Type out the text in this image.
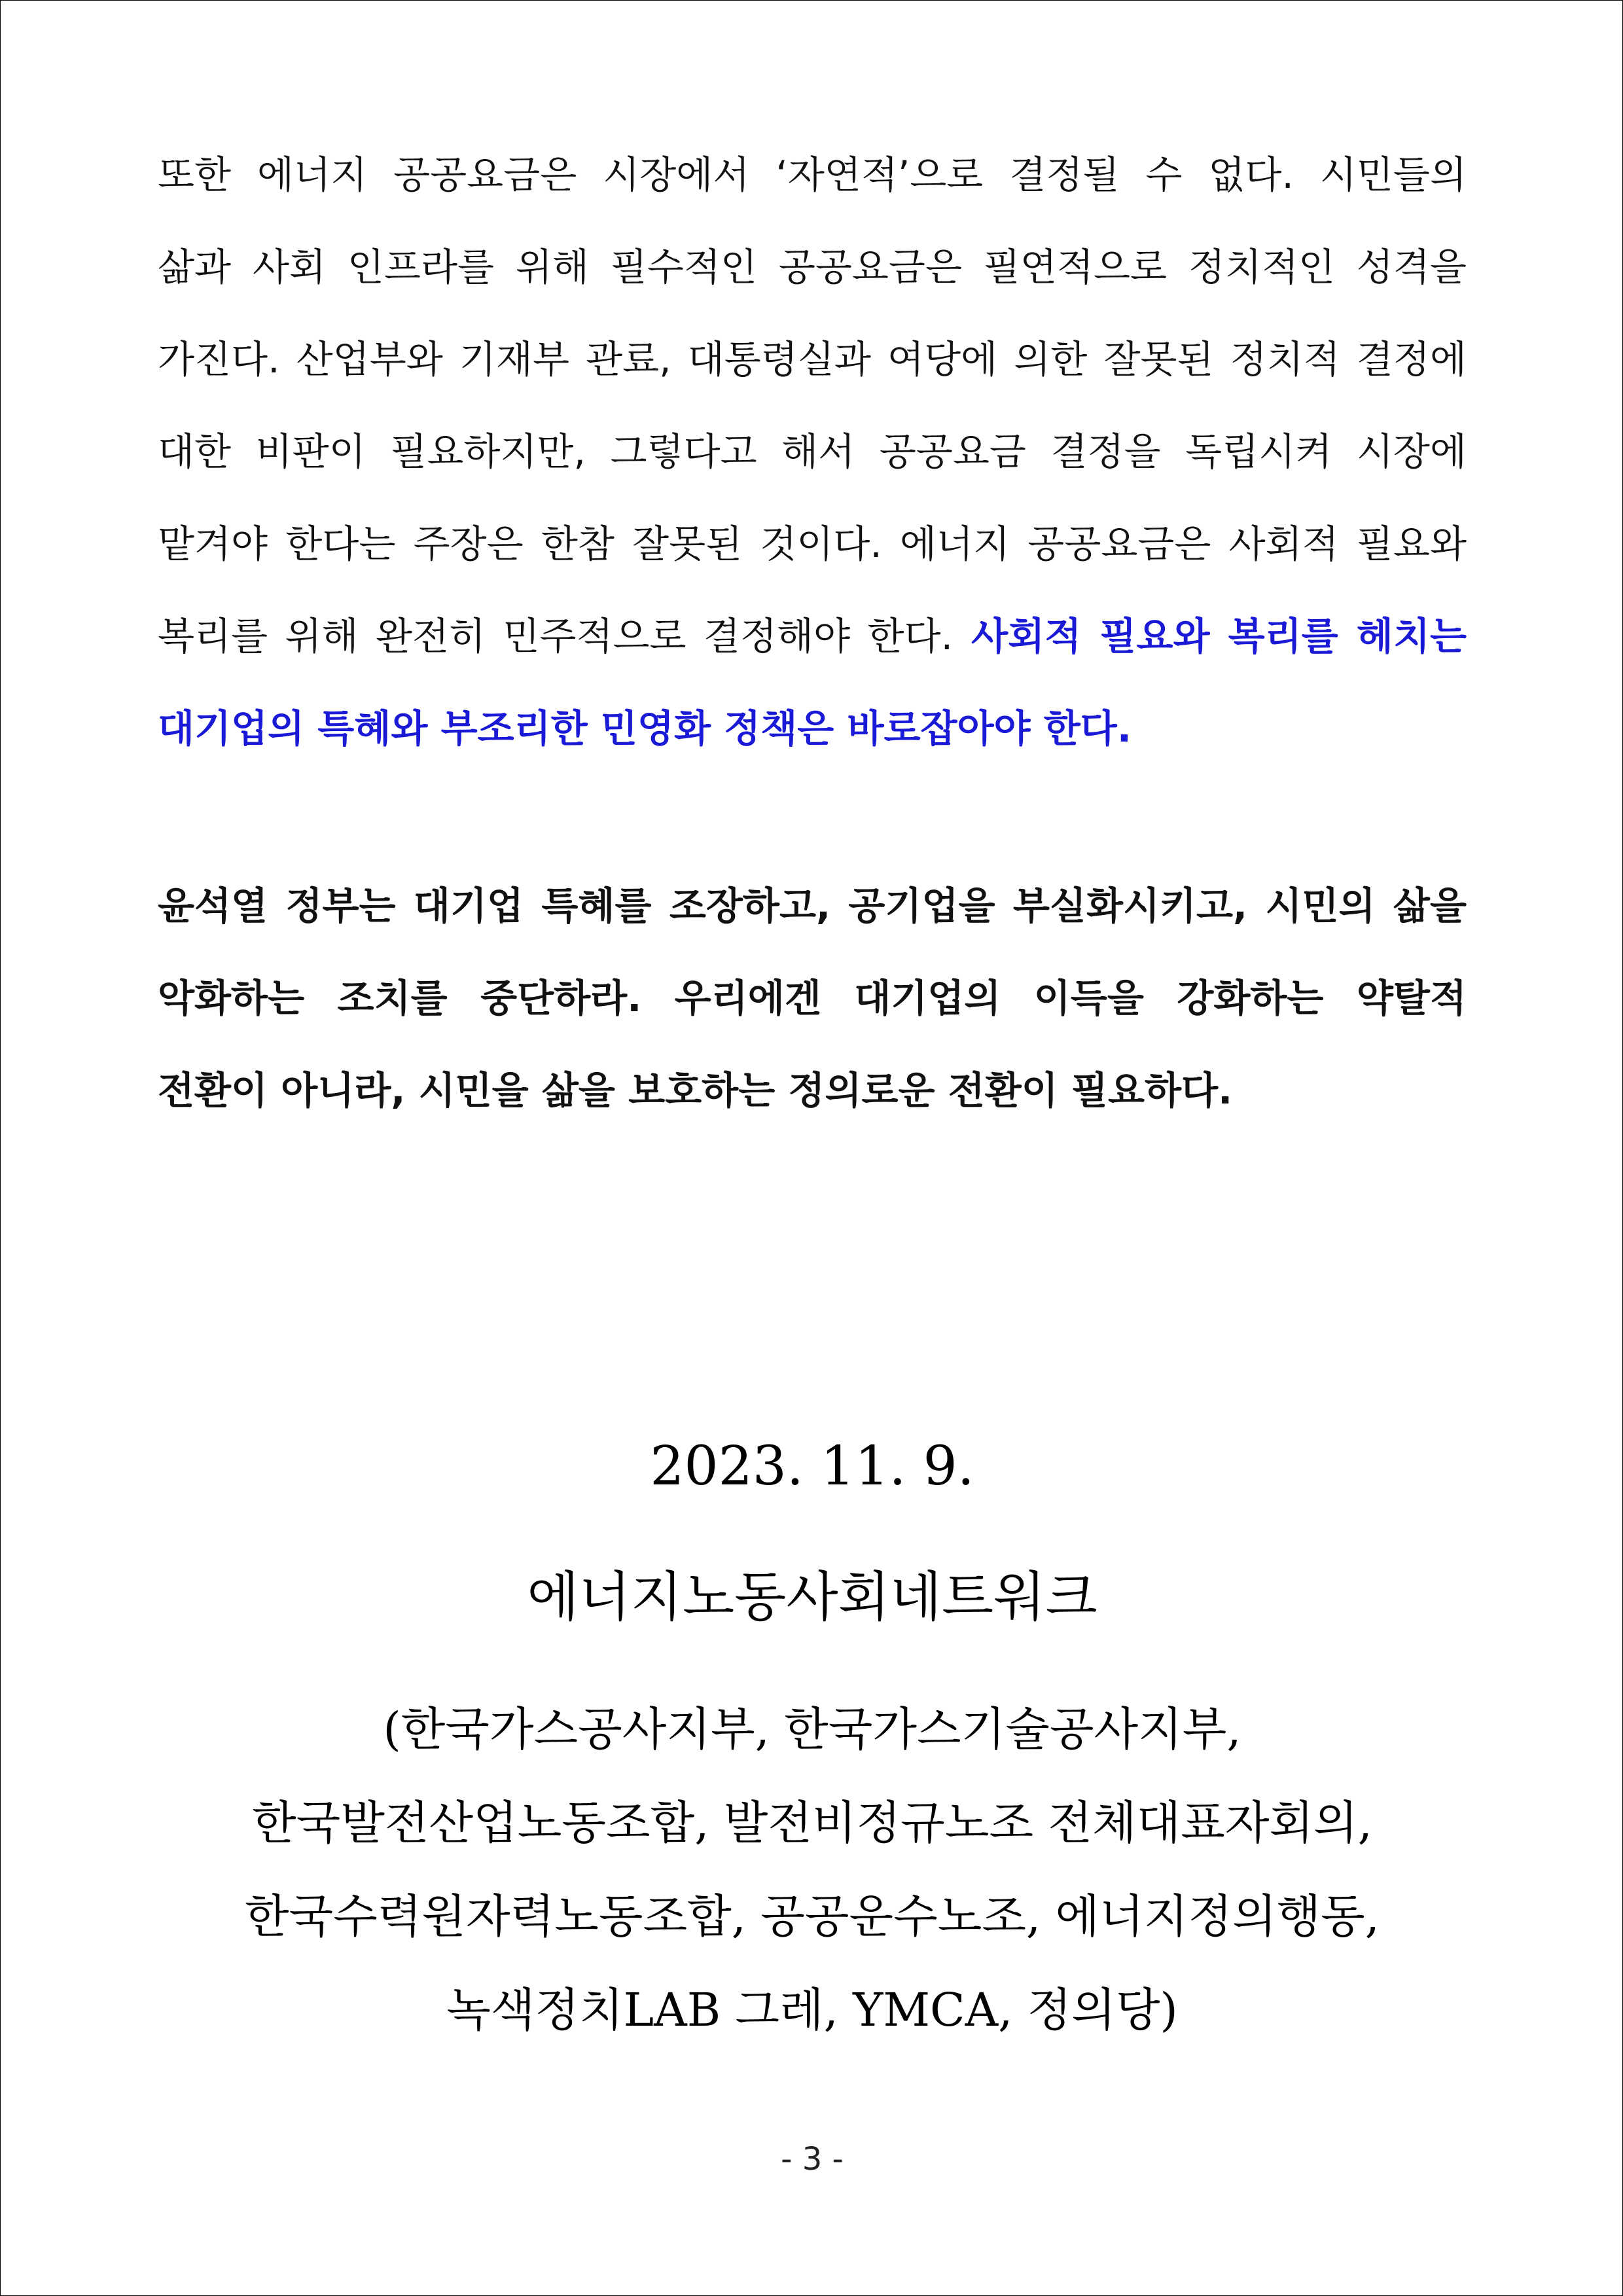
또한 에너지 공공요금은 시장에서 ‘자연적’으로 결정될 수 없다. 시민들의
삶과 사회 인프라를 위해 필수적인 공공요금은 필연적으로 정치적인 성격을
가진다. 산업부와 기재부 관료, 대통령실과 여당에 의한 잘못된 정치적 결정에
대한 비판이 필요하지만, 그렇다고 해서 공공요금 결정을 독립시켜 시장에
맡겨야 한다는 주장은 한참 잘못된 것이다. 에너지 공공요금은 사회적 필요와
복리를 위해 완전히 민주적으로 결정해야 한다. 사회적 필요와 복리를 헤치는
대기업의 특혜와 부조리한 민영화 정책은 바로잡아야 한다.
윤석열 정부는 대기업 특혜를 조장하고, 공기업을 부실화시키고, 시민의 삶을
악화하는 조치를 중단하라. 우리에겐 대기업의 이득을 강화하는 약탈적
전환이 아니라, 시민을 삶을 보호하는 정의로운 전환이 필요하다.
2023. 11. 9.
에너지노동사회네트워크
(한국가스공사지부, 한국가스기술공사지부,
한국발전산업노동조합, 발전비정규노조 전체대표자회의,
한국수력원자력노동조합, 공공운수노조, 에너지정의행동,
녹색정치LAB 그레, YMCA, 정의당)
- 3 -
